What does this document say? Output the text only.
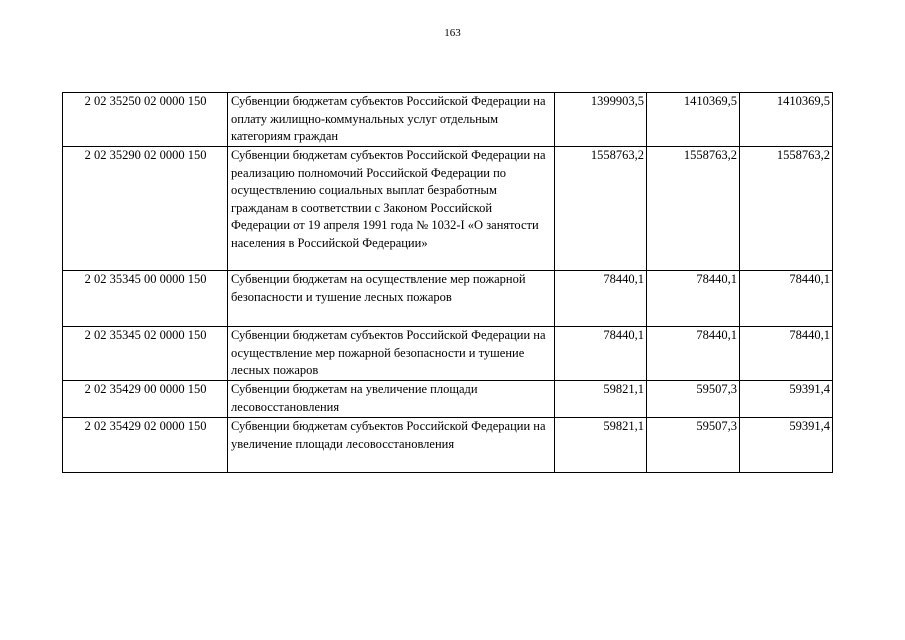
163
2 02 35250 02 0000 150	Субвенции бюджетам субъектов Российской Федерации на оплату жилищно-коммунальных услуг отдельным категориям граждан	1399903,5	1410369,5	1410369,5
2 02 35290 02 0000 150	Субвенции бюджетам субъектов Российской Федерации на реализацию полномочий Российской Федерации по осуществлению социальных выплат безработным гражданам в соответствии с Законом Российской Федерации от 19 апреля 1991 года № 1032-I «О занятости населения в Российской Федерации»	1558763,2	1558763,2	1558763,2
2 02 35345 00 0000 150	Субвенции бюджетам на осуществление мер пожарной безопасности и тушение лесных пожаров	78440,1	78440,1	78440,1
2 02 35345 02 0000 150	Субвенции бюджетам субъектов Российской Федерации на осуществление мер пожарной безопасности и тушение лесных пожаров	78440,1	78440,1	78440,1
2 02 35429 00 0000 150	Субвенции бюджетам на увеличение площади лесовосстановления	59821,1	59507,3	59391,4
2 02 35429 02 0000 150	Субвенции бюджетам субъектов Российской Федерации на увеличение площади лесовосстановления	59821,1	59507,3	59391,4
